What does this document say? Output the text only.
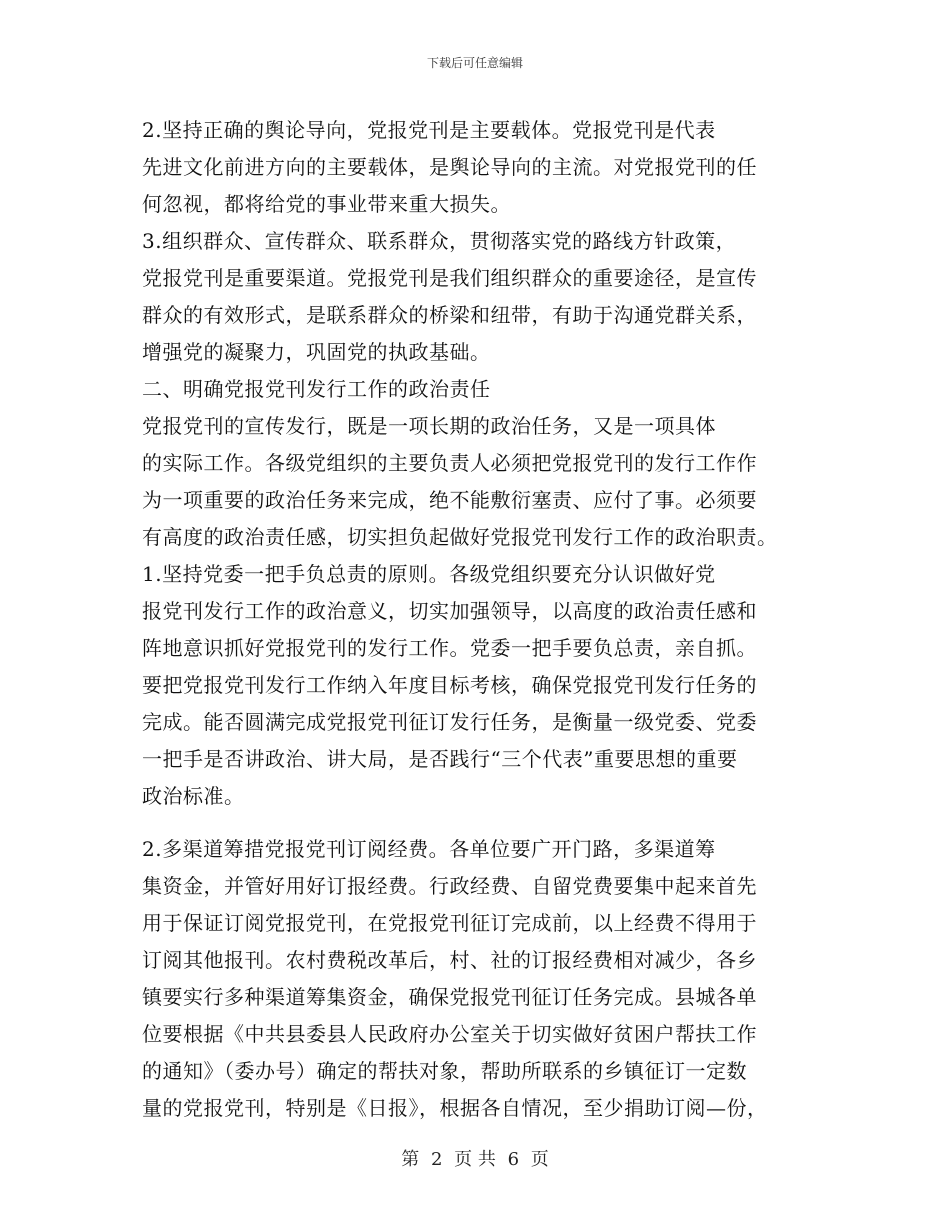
下载后可任意编辑
2.坚持正确的舆论导向，党报党刊是主要载体。党报党刊是代表
先进文化前进方向的主要载体，是舆论导向的主流。对党报党刊的任
何忽视，都将给党的事业带来重大损失。
3.组织群众、宣传群众、联系群众，贯彻落实党的路线方针政策，
党报党刊是重要渠道。党报党刊是我们组织群众的重要途径，是宣传
群众的有效形式，是联系群众的桥梁和纽带，有助于沟通党群关系，
增强党的凝聚力，巩固党的执政基础。
二、明确党报党刊发行工作的政治责任
党报党刊的宣传发行，既是一项长期的政治任务，又是一项具体
的实际工作。各级党组织的主要负责人必须把党报党刊的发行工作作
为一项重要的政治任务来完成，绝不能敷衍塞责、应付了事。必须要
有高度的政治责任感，切实担负起做好党报党刊发行工作的政治职责。
1.坚持党委一把手负总责的原则。各级党组织要充分认识做好党
报党刊发行工作的政治意义，切实加强领导，以高度的政治责任感和
阵地意识抓好党报党刊的发行工作。党委一把手要负总责，亲自抓。
要把党报党刊发行工作纳入年度目标考核，确保党报党刊发行任务的
完成。能否圆满完成党报党刊征订发行任务，是衡量一级党委、党委
一把手是否讲政治、讲大局，是否践行“三个代表”重要思想的重要
政治标准。
2.多渠道筹措党报党刊订阅经费。各单位要广开门路，多渠道筹
集资金，并管好用好订报经费。行政经费、自留党费要集中起来首先
用于保证订阅党报党刊，在党报党刊征订完成前，以上经费不得用于
订阅其他报刊。农村费税改革后，村、社的订报经费相对减少，各乡
镇要实行多种渠道筹集资金，确保党报党刊征订任务完成。县城各单
位要根据《中共县委县人民政府办公室关于切实做好贫困户帮扶工作
的通知》（委办号）确定的帮扶对象，帮助所联系的乡镇征订一定数
量的党报党刊，特别是《日报》，根据各自情况，至少捐助订阅—份，
第 2 页 共 6 页
